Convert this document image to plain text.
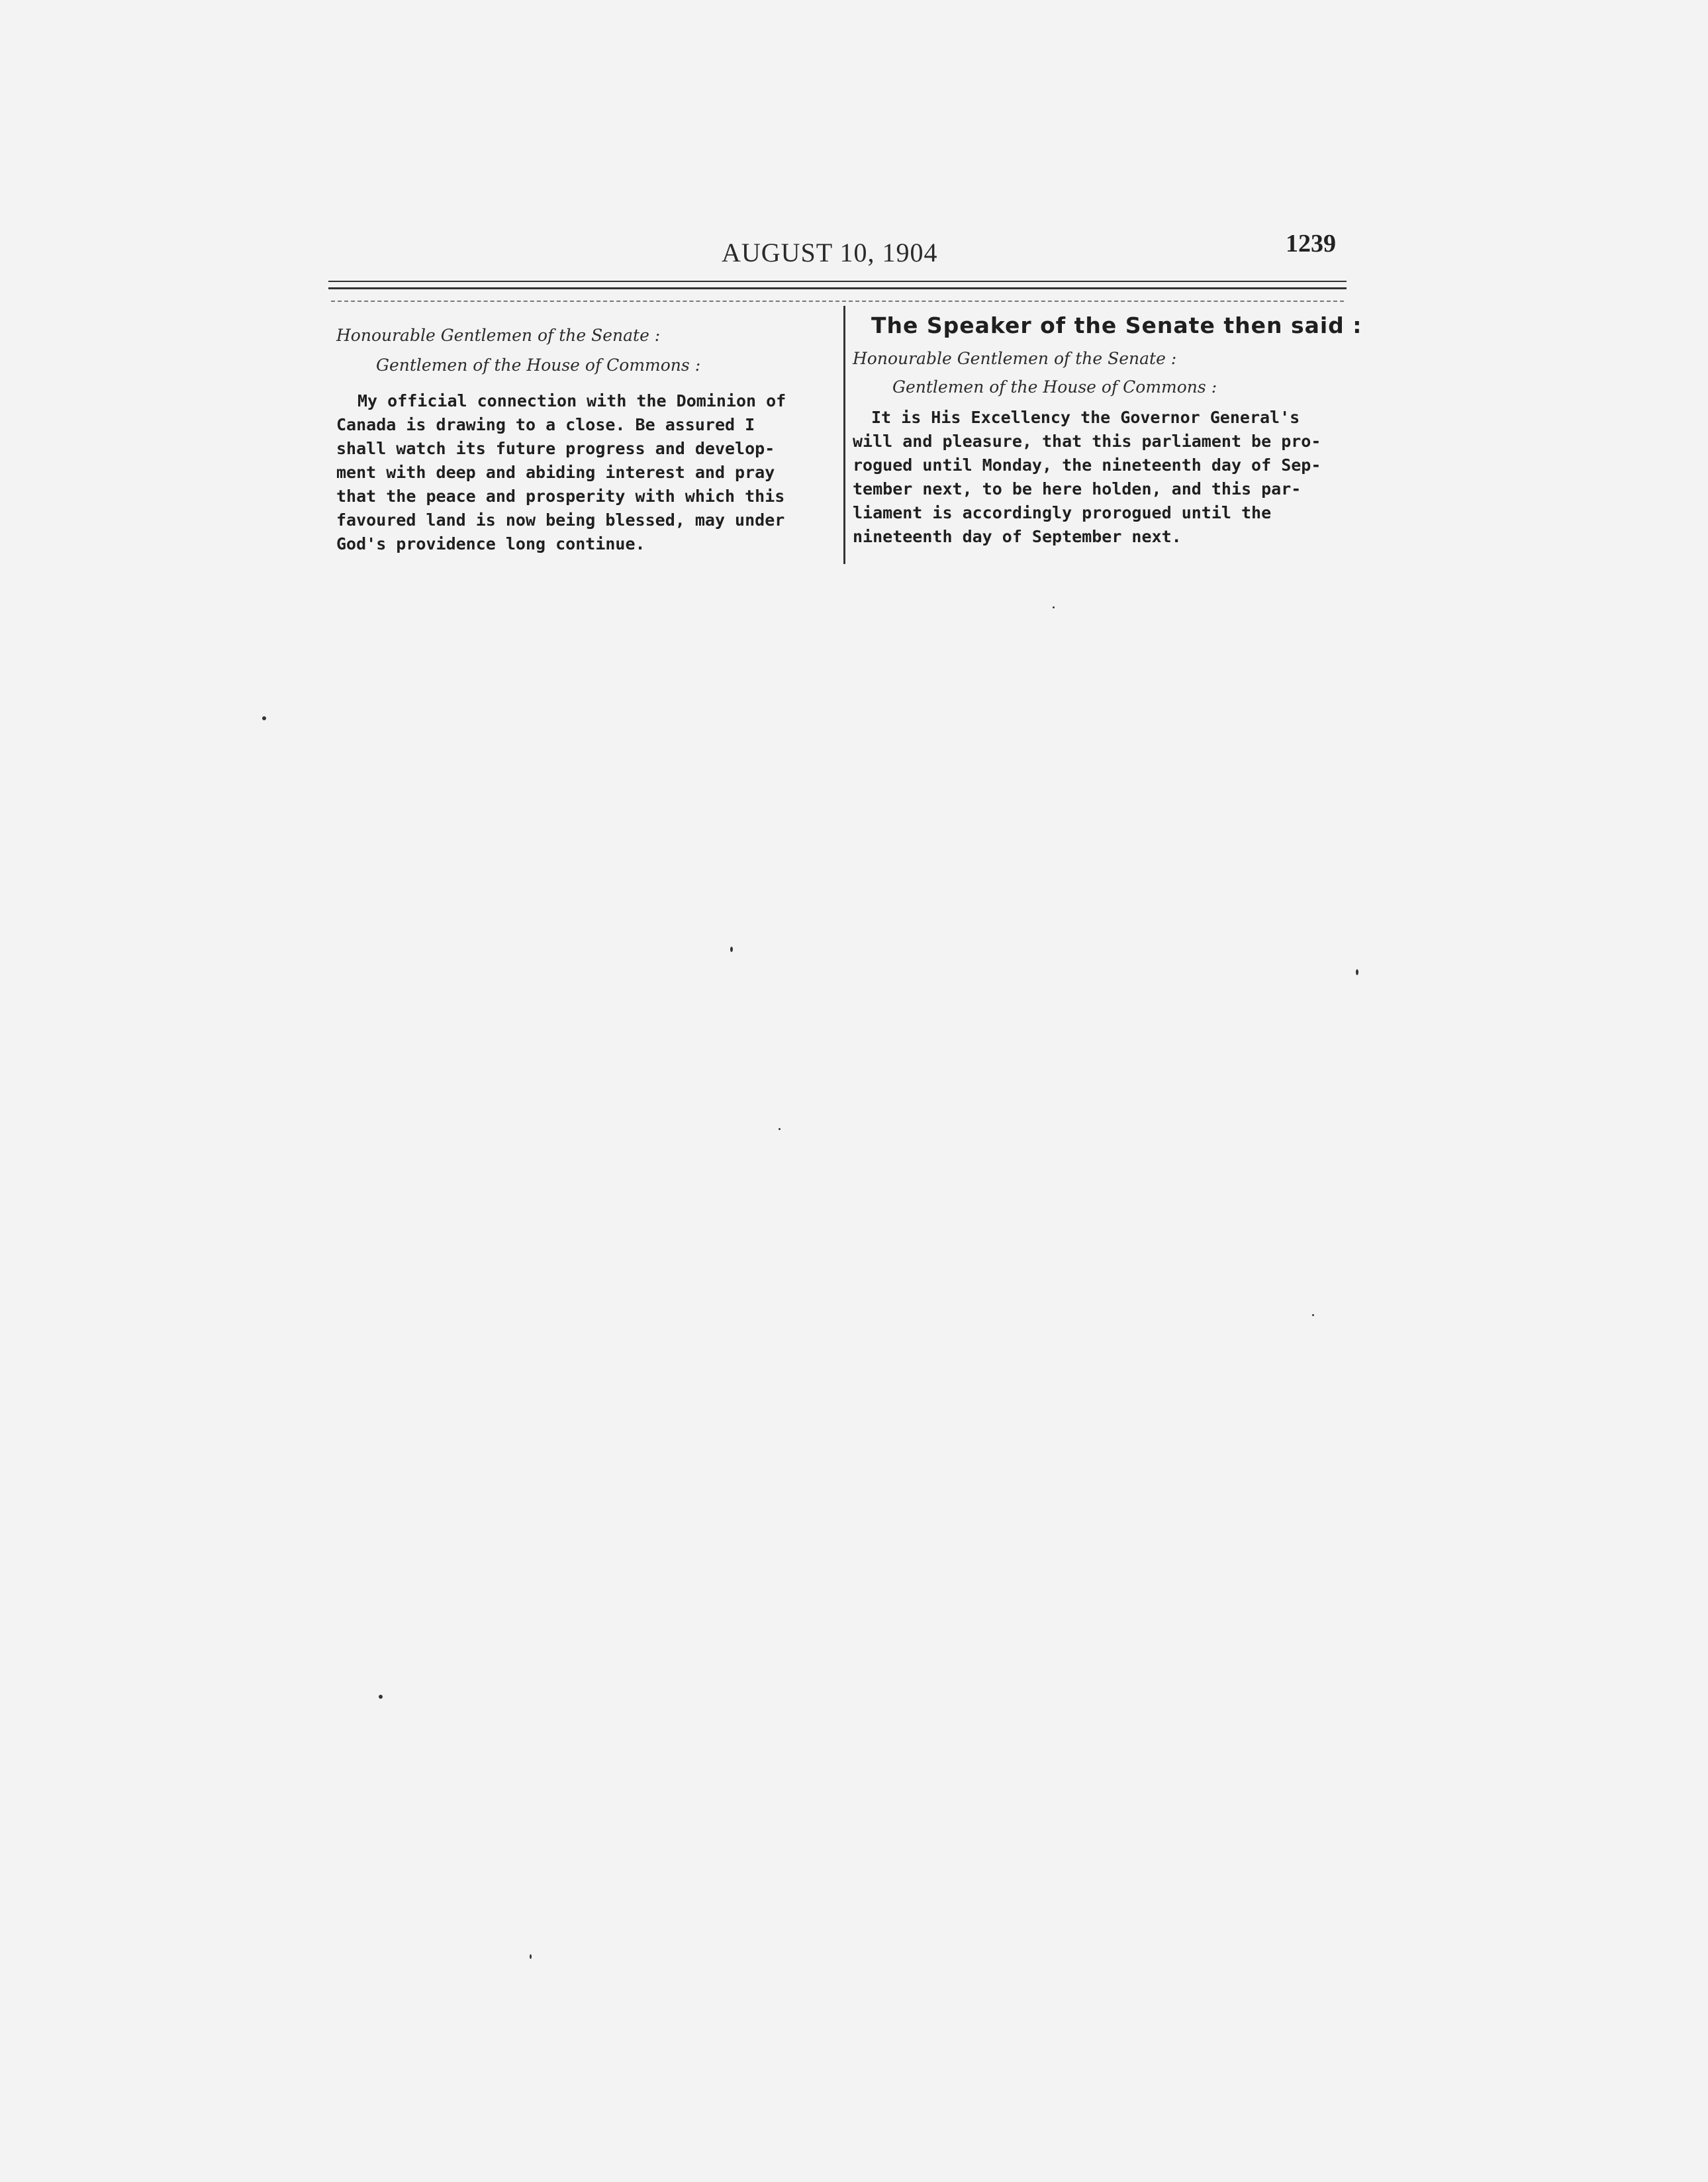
AUGUST 10, 1904	1239

Honourable Gentlemen of the Senate :

Gentlemen of the House of Commons :

My official connection with the Dominion of
Canada is drawing to a close. Be assured I
shall watch its future progress and develop-
ment with deep and abiding interest and pray
that the peace and prosperity with which this
favoured land is now being blessed, may under
God's providence long continue.

The Speaker of the Senate then said :

Honourable Gentlemen of the Senate :

Gentlemen of the House of Commons :

It is His Excellency the Governor General's
will and pleasure, that this parliament be pro-
rogued until Monday, the nineteenth day of Sep-
tember next, to be here holden, and this par-
liament is accordingly prorogued until the
nineteenth day of September next.
